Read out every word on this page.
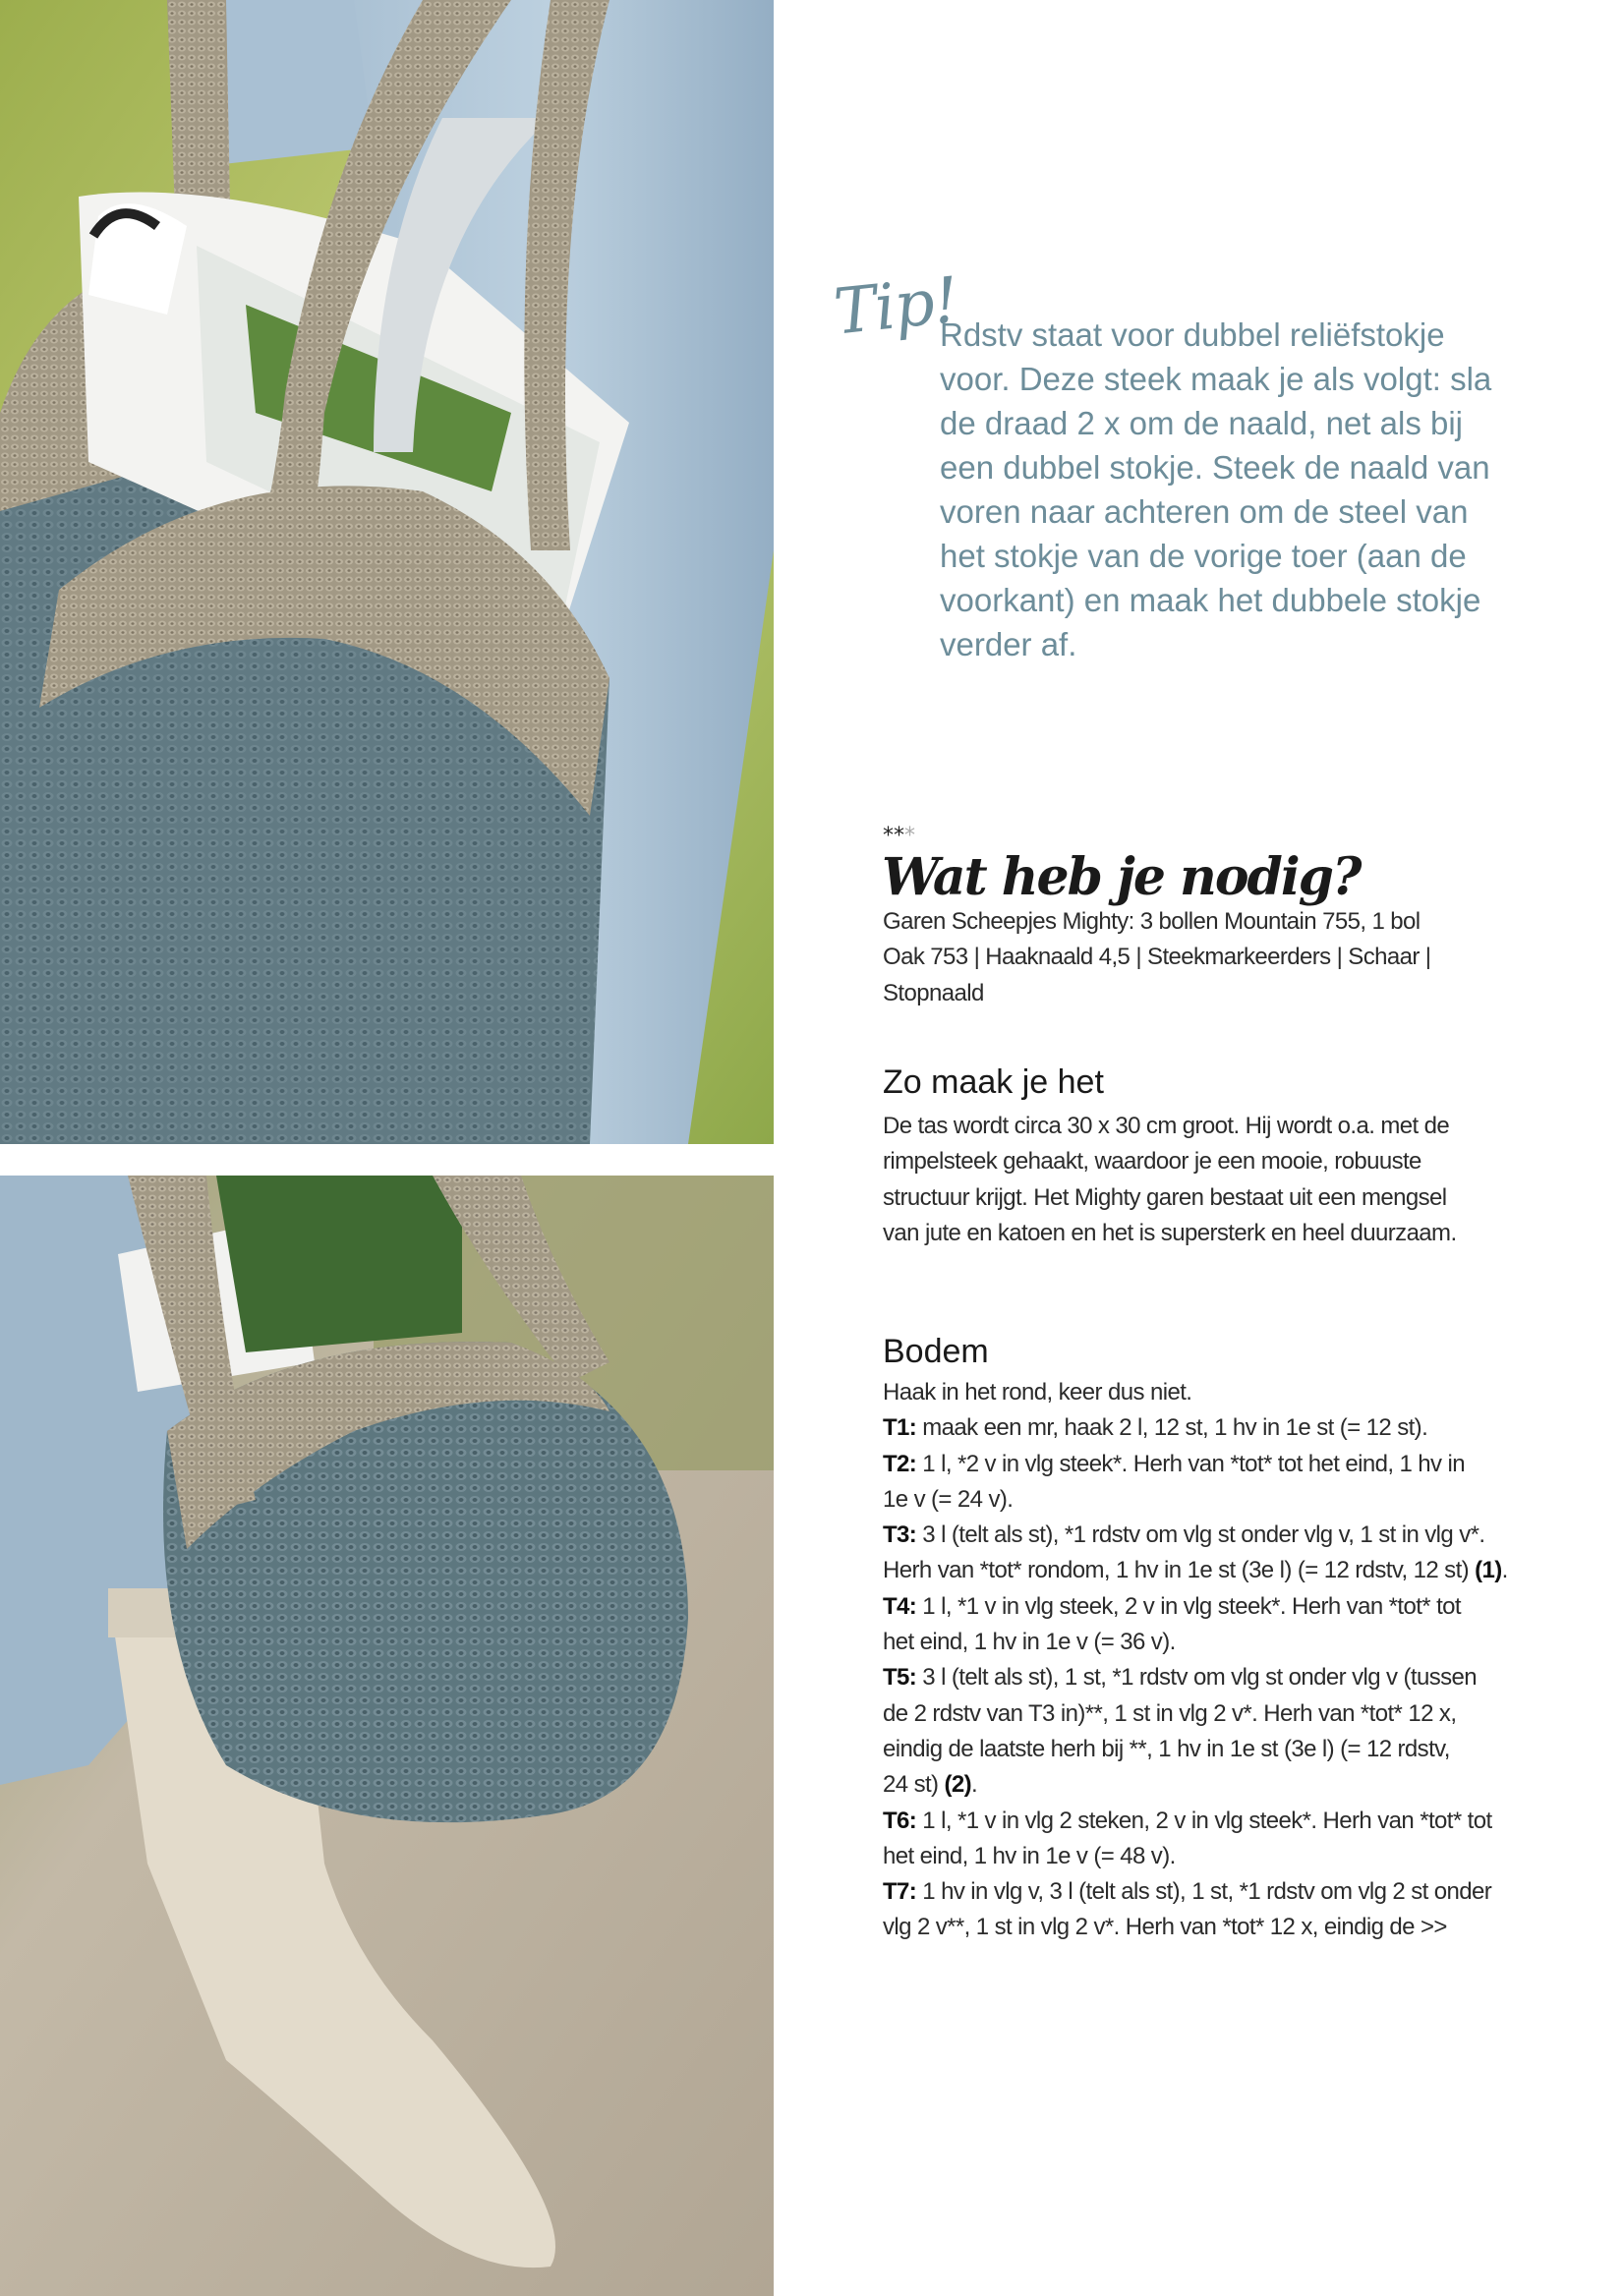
Tip!
Rdstv staat voor dubbel reliëfstokje
voor. Deze steek maak je als volgt: sla
de draad 2 x om de naald, net als bij
een dubbel stokje. Steek de naald van
voren naar achteren om de steel van
het stokje van de vorige toer (aan de
voorkant) en maak het dubbele stokje
verder af.
***
Wat heb je nodig?
Garen Scheepjes Mighty: 3 bollen Mountain 755, 1 bol
Oak 753 | Haaknaald 4,5 | Steekmarkeerders | Schaar |
Stopnaald
Zo maak je het
De tas wordt circa 30 x 30 cm groot. Hij wordt o.a. met de
rimpelsteek gehaakt, waardoor je een mooie, robuuste
structuur krijgt. Het Mighty garen bestaat uit een mengsel
van jute en katoen en het is supersterk en heel duurzaam.
Bodem
Haak in het rond, keer dus niet.
T1: maak een mr, haak 2 l, 12 st, 1 hv in 1e st (= 12 st).
T2: 1 l, *2 v in vlg steek*. Herh van *tot* tot het eind, 1 hv in
1e v (= 24 v).
T3: 3 l (telt als st), *1 rdstv om vlg st onder vlg v, 1 st in vlg v*.
Herh van *tot* rondom, 1 hv in 1e st (3e l) (= 12 rdstv, 12 st) (1).
T4: 1 l, *1 v in vlg steek, 2 v in vlg steek*. Herh van *tot* tot
het eind, 1 hv in 1e v (= 36 v).
T5: 3 l (telt als st), 1 st, *1 rdstv om vlg st onder vlg v (tussen
de 2 rdstv van T3 in)**, 1 st in vlg 2 v*. Herh van *tot* 12 x,
eindig de laatste herh bij **, 1 hv in 1e st (3e l) (= 12 rdstv,
24 st) (2).
T6: 1 l, *1 v in vlg 2 steken, 2 v in vlg steek*. Herh van *tot* tot
het eind, 1 hv in 1e v (= 48 v).
T7: 1 hv in vlg v, 3 l (telt als st), 1 st, *1 rdstv om vlg 2 st onder
vlg 2 v**, 1 st in vlg 2 v*. Herh van *tot* 12 x, eindig de >>
